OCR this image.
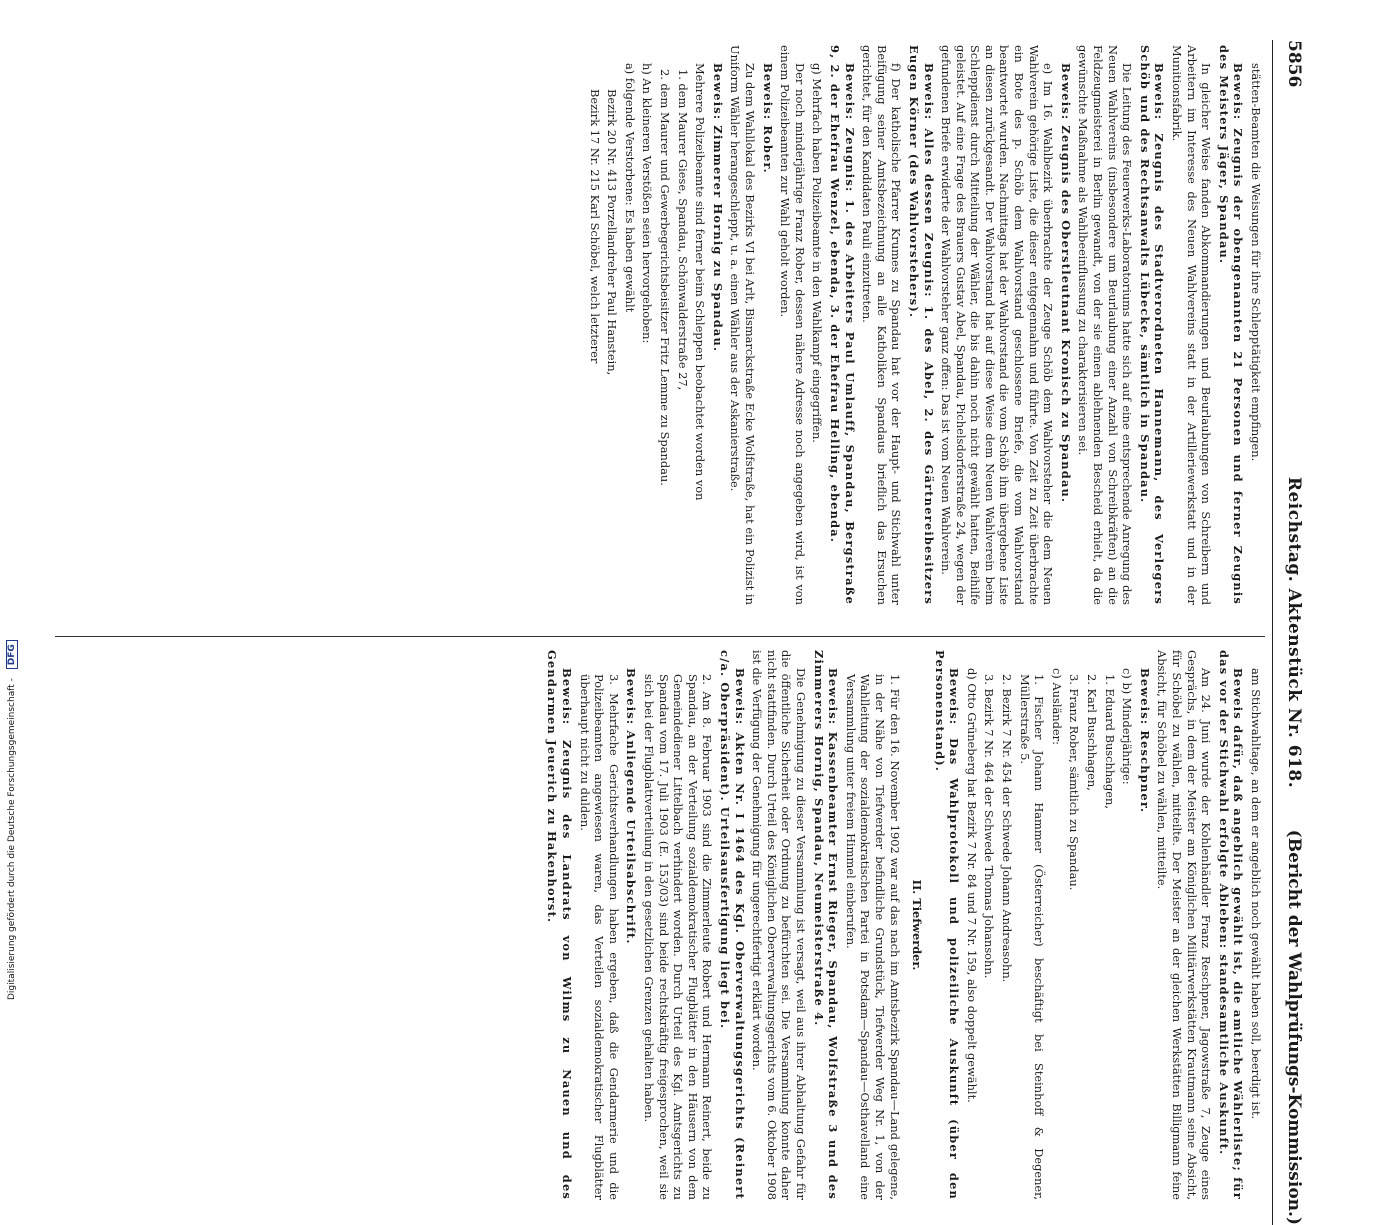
5856
Reichstag. Aktenstück Nr. 618.
(Bericht der Wahlprüfungs-Kommission.)

stätten-Beamten die Weisungen für ihre Schlepptätigkeit empfingen.

Beweis: Zeugnis der obengenannten 21 Personen und ferner Zeugnis des Meisters Jäger, Spandau.

In gleicher Weise fanden Abkommandierungen und Beurlaubungen von Schreibern und Arbeitern im Interesse des Neuen Wahlvereins statt in der Artilleriewerkstatt und in der Munitionsfabrik.

Beweis: Zeugnis des Stadtverordneten Hannemann, des Verlegers Schöb und des Rechtsanwalts Lübecke, sämtlich in Spandau.

Die Leitung des Feuerwerks-Laboratoriums hatte sich auf eine entsprechende Anregung des Neuen Wahlvereins (insbesondere um Beurlaubung einer Anzahl von Schreibkräften) an die Feldzeugmeisterei in Berlin gewandt, von der sie einen ablehnenden Bescheid erhielt, da die gewünschte Maßnahme als Wahlbeeinflussung zu charakterisieren sei.

Beweis: Zeugnis des Oberstleutnant Kronisch zu Spandau.

e) Im 16. Wahlbezirk überbrachte der Zeuge Schöb dem Wahlvorsteher die dem Neuen Wahlverein gehörige Liste, die dieser entgegennahm und führte. Von Zeit zu Zeit überbrachte ein Bote des p. Schöb dem Wahlvorstand geschlossene Briefe, die vom Wahlvorstand beantwortet wurden. Nachmittags hat der Wahlvorstand die vom Schöb ihm übergebene Liste an diesen zurückgesandt. Der Wahlvorstand hat auf diese Weise dem Neuen Wahlverein beim Schleppdienst durch Mitteilung der Wähler, die bis dahin noch nicht gewählt hatten, Beihilfe geleistet. Auf eine Frage des Brauers Gustav Abel, Spandau, Pichelsdorferstraße 24, wegen der gefundenen Briefe erwiderte der Wahlvorsteher ganz offen: Das ist vom Neuen Wahlverein.

Beweis: Alles dessen Zeugnis: 1. des Abel, 2. des Gärtnereibesitzers Eugen Körner (des Wahlvorstehers).

f) Der katholische Pfarrer Krumes zu Spandau hat vor der Haupt- und Stichwahl unter Beifügung seiner Amtsbezeichnung an alle Katholiken Spandaus brieflich das Ersuchen gerichtet, für den Kandidaten Pauli einzutreten.

Beweis: Zeugnis: 1. des Arbeiters Paul Umlauff, Spandau, Bergstraße 9, 2. der Ehefrau Wenzel, ebenda, 3. der Ehefrau Helling, ebenda.

g) Mehrfach haben Polizeibeamte in den Wahlkampf eingegriffen.

Der noch minderjährige Franz Rober, dessen nähere Adresse noch angegeben wird, ist von einem Polizeibeamten zur Wahl geholt worden.

Beweis: Rober.

Zu dem Wahllokal des Bezirks VI bei Arlt, Bismarckstraße Ecke Wolfstraße, hat ein Polizist in Uniform Wähler herangeschleppt, u. a. einen Wähler aus der Askanierstraße.

Beweis: Zimmerer Hornig zu Spandau.

Mehrere Polizeibeamte sind ferner beim Schleppen beobachtet worden von

1. dem Maurer Giese, Spandau, Schönwalderstraße 27,

2. dem Maurer und Gewerbegerichtsbeisitzer Fritz Lemme zu Spandau.

h) An kleineren Verstößen seien hervorgehoben:

a) folgende Verstorbene: Es haben gewählt

Bezirk 20 Nr. 413 Porzellandreher Paul Hanstein,

Bezirk 17 Nr. 215 Karl Schöbel, welch letzterer

am Stichwahltage, an dem er angeblich noch gewählt haben soll, beerdigt ist.

Beweis dafür, daß angeblich gewählt ist, die amtliche Wählerliste; für das vor der Stichwahl erfolgte Ableben: standesamtliche Auskunft.

Am 24. Juni wurde der Kohlenhändler Franz Reschpner, Jagowstraße 7, Zeuge eines Gesprächs, in dem der Meister am Königlichen Militärwerkstätten Krautmann seine Absicht, für Schöbel zu wählen, mitteilte. Der Meister an der gleichen Werkstätten Billigmann feine Absicht, für Schöbel zu wählen, mitteilte.

Beweis: Reschpner.

c) b) Minderjährige:

1. Eduard Buschhagen,

2. Karl Buschhagen,

3. Franz Rober, sämtlich zu Spandau.

c) Ausländer:

1. Fischer Johann Hammer (Österreicher) beschäftigt bei Steinhoff & Degener, Müllerstraße 5.

2. Bezirk 7 Nr. 454 der Schwede Johann Andreasohn.

3. Bezirk 7 Nr. 464 der Schwede Thomas Johansohn.

d) Otto Grüneberg hat Bezirk 7 Nr. 84 und 7 Nr. 159, also doppelt gewählt.

Beweis: Das Wahlprotokoll und polizeiliche Auskunft (über den Personenstand).

II. Tiefwerder.

1. Für den 16. November 1902 war auf das nach im Amtsbezirk Spandau—Land gelegene, in der Nähe von Tiefwerder befindliche Grundstück, Tiefwerder Weg Nr. 1, von der Wahlleitung der sozialdemokratischen Partei in Potsdam—Spandau—Osthavelland eine Versammlung unter freiem Himmel einberufen.

Beweis: Kassenbeamter Ernst Rieger, Spandau, Wolfstraße 3 und des Zimmerers Hornig, Spandau, Neumeisterstraße 4.

Die Genehmigung zu dieser Versammlung ist versagt, weil aus ihrer Abhaltung Gefahr für die öffentliche Sicherheit oder Ordnung zu befürchten sei. Die Versammlung konnte daher nicht stattfinden. Durch Urteil des Königlichen Oberverwaltungsgerichts vom 6. Oktober 1908 ist die Verfügung der Genehmigung für ungerechtfertigt erklärt worden.

Beweis: Akten Nr. I 1464 des Kgl. Oberverwaltungsgerichts (Reinert c/a. Oberpräsident). Urteilsausfertigung liegt bei.

2. Am 8. Februar 1903 sind die Zimmerleute Robert und Hermann Reinert, beide zu Spandau, an der Verteilung sozialdemokratischer Flugblätter in den Häusern von dem Gemeindediener Littelbach verhindert worden. Durch Urteil des Kgl. Amtsgerichts zu Spandau vom 17. Juli 1903 (E. 153/03) sind beide rechtskräftig freigesprochen, weil sie sich bei der Flugblattverteilung in den gesetzlichen Grenzen gehalten haben.

Beweis: Anliegende Urteilsabschrift.

3. Mehrfache Gerichtsverhandlungen haben ergeben, daß die Gendarmerie und die Polizeibeamten angewiesen waren, das Verteilen sozialdemokratischer Flugblätter überhaupt nicht zu dulden.

Beweis: Zeugnis des Landrats von Wilms zu Nauen und des Gendarmen Jeuerich zu Hakenhorst.

Digitalisierung gefördert durch die Deutsche Forschungsgemeinschaft - DFG
